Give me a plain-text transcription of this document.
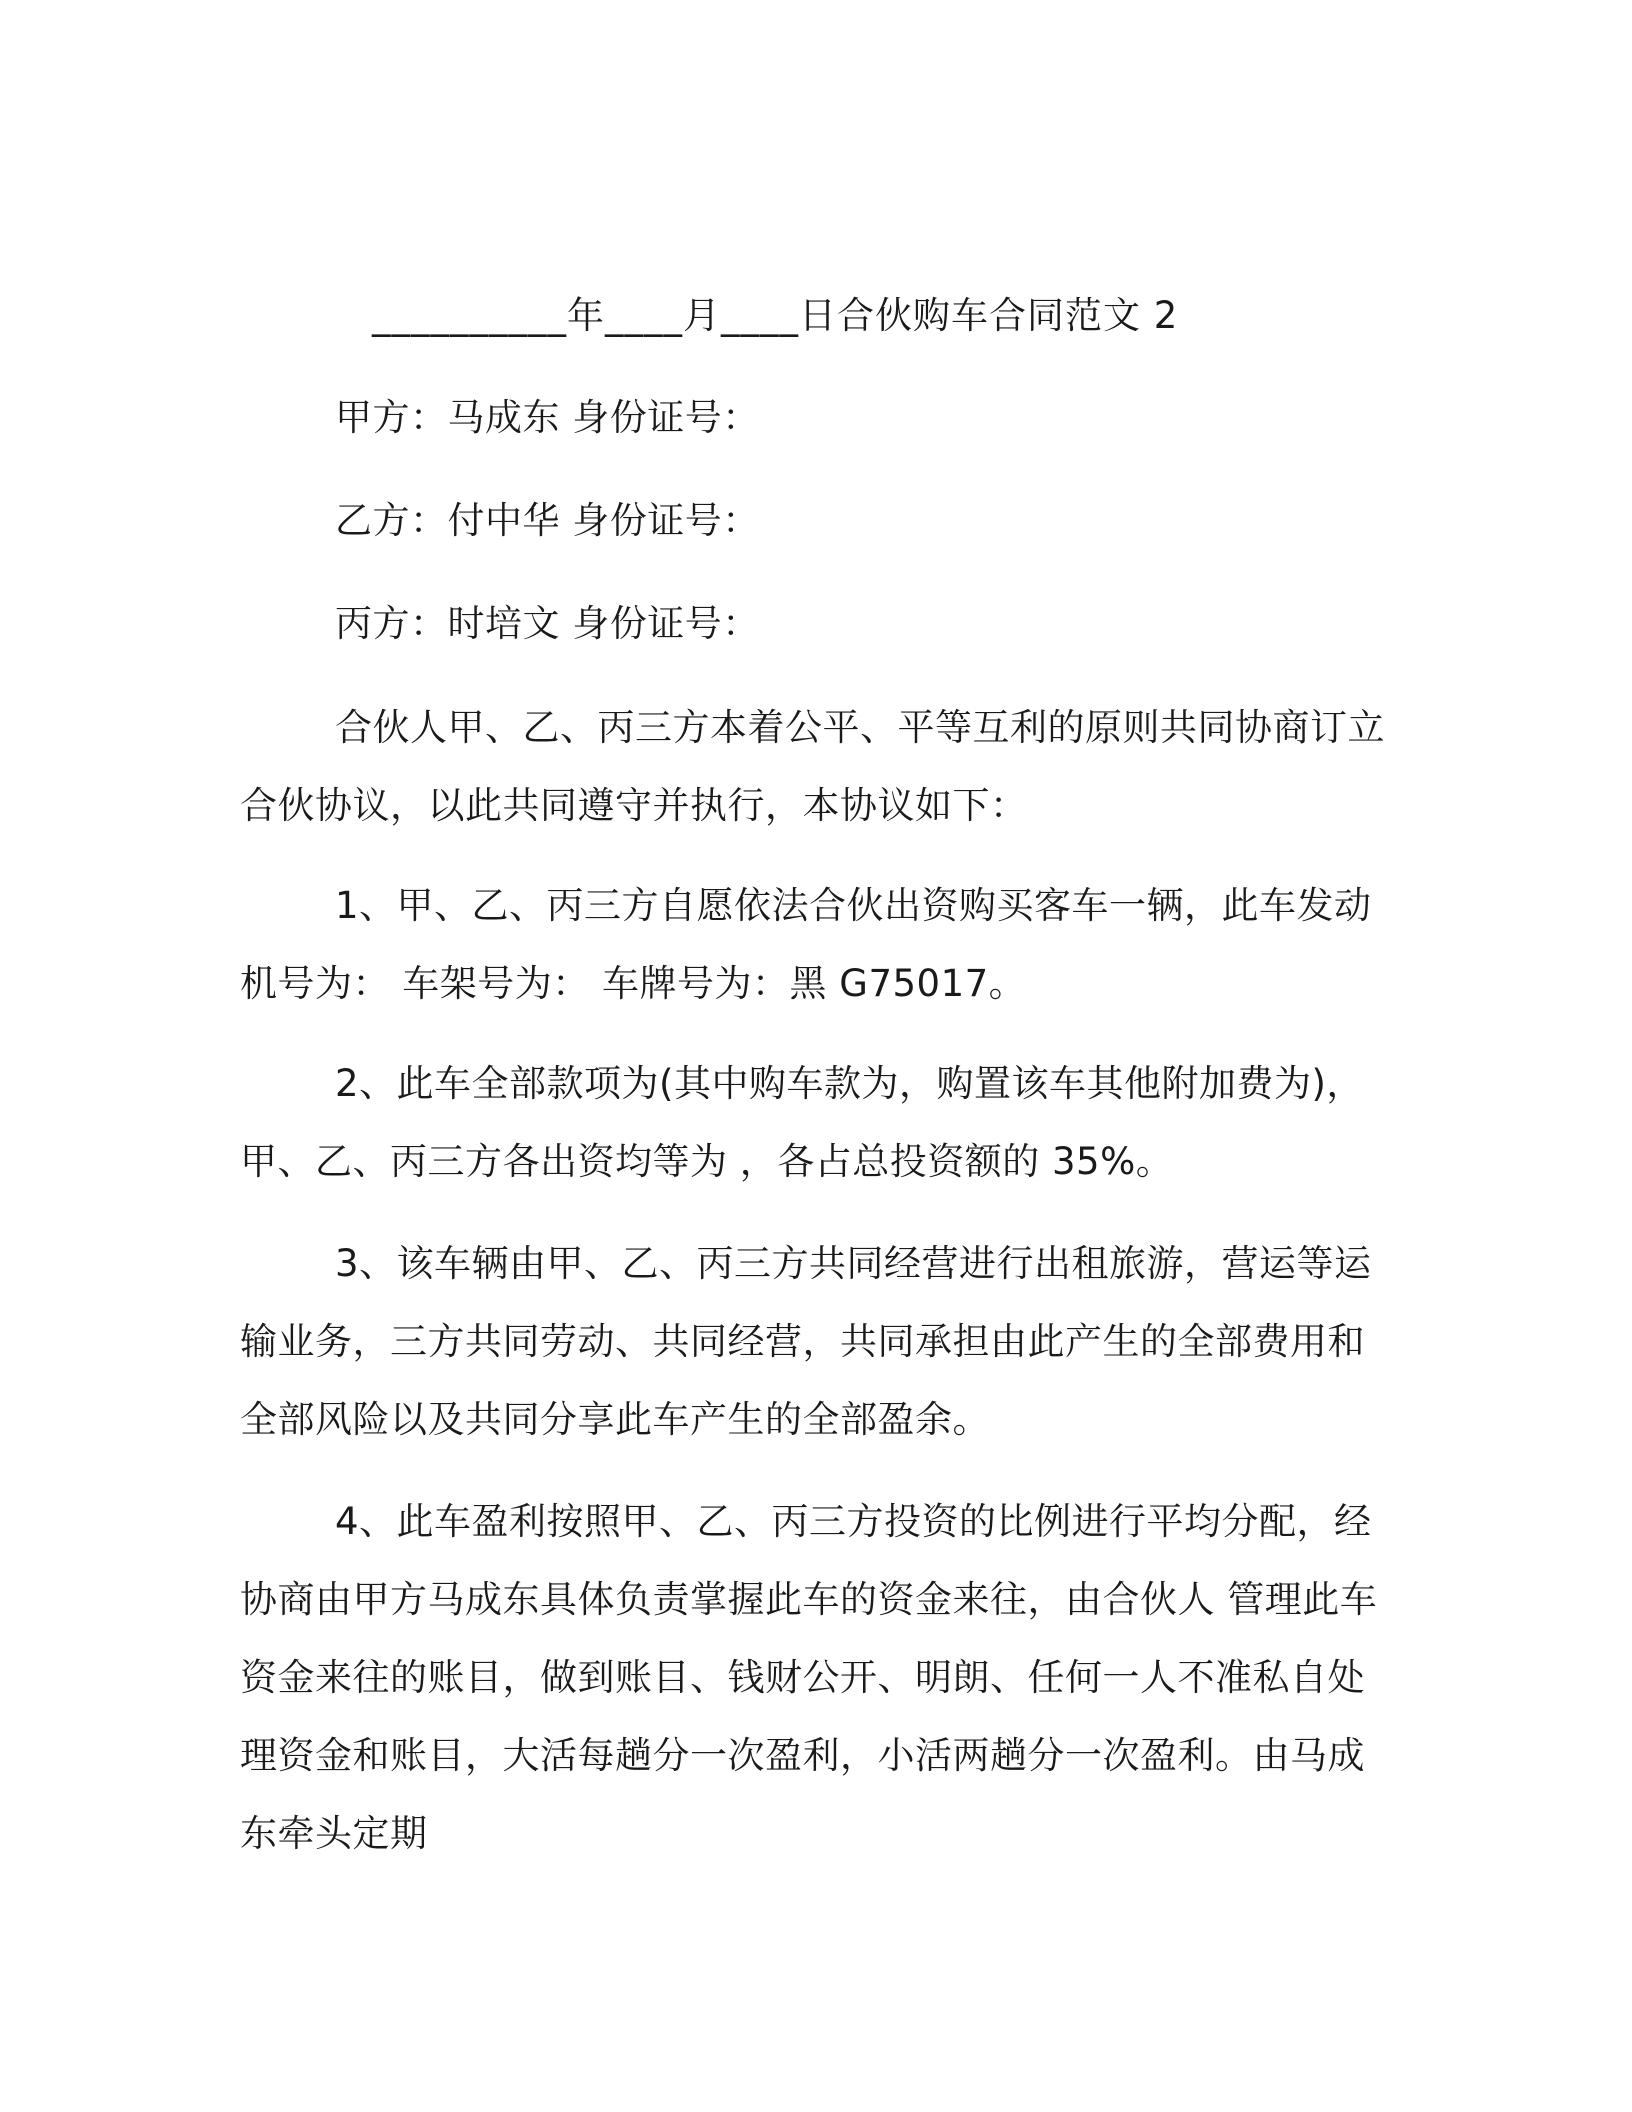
__________年____月____日合伙购车合同范文 2
甲方：马成东 身份证号：
乙方：付中华 身份证号：
丙方：时培文 身份证号：
合伙人甲、乙、丙三方本着公平、平等互利的原则共同协商订立
合伙协议，以此共同遵守并执行，本协议如下：
1、甲、乙、丙三方自愿依法合伙出资购买客车一辆，此车发动
机号为： 车架号为： 车牌号为：黑 G75017。
2、此车全部款项为(其中购车款为，购置该车其他附加费为)，
甲、乙、丙三方各出资均等为 ，各占总投资额的 35%。
3、该车辆由甲、乙、丙三方共同经营进行出租旅游，营运等运
输业务，三方共同劳动、共同经营，共同承担由此产生的全部费用和
全部风险以及共同分享此车产生的全部盈余。
4、此车盈利按照甲、乙、丙三方投资的比例进行平均分配，经
协商由甲方马成东具体负责掌握此车的资金来往，由合伙人 管理此车
资金来往的账目，做到账目、钱财公开、明朗、任何一人不准私自处
理资金和账目，大活每趟分一次盈利，小活两趟分一次盈利。由马成
东牵头定期
